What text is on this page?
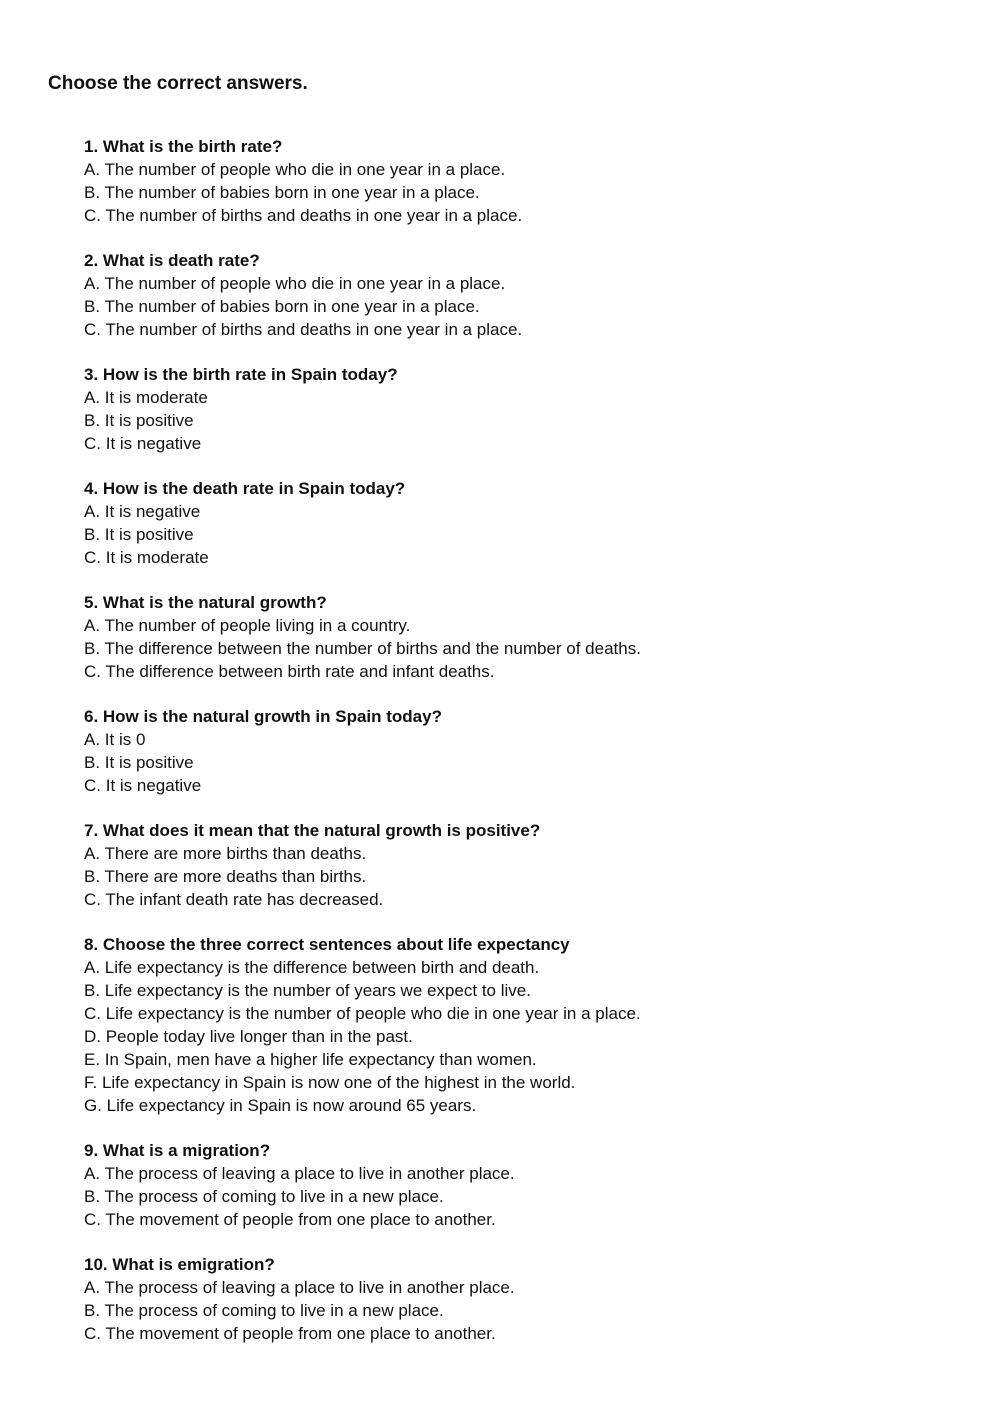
Choose the correct answers.

1. What is the birth rate?

A. The number of people who die in one year in a place.

B. The number of babies born in one year in a place.

C. The number of births and deaths in one year in a place.

2. What is death rate?

A. The number of people who die in one year in a place.

B. The number of babies born in one year in a place.

C. The number of births and deaths in one year in a place.

3. How is the birth rate in Spain today?

A. It is moderate

B. It is positive

C. It is negative

4. How is the death rate in Spain today?

A. It is negative

B. It is positive

C. It is moderate

5. What is the natural growth?

A. The number of people living in a country.

B. The difference between the number of births and the number of deaths.

C. The difference between birth rate and infant deaths.

6. How is the natural growth in Spain today?

A. It is 0

B. It is positive

C. It is negative

7. What does it mean that the natural growth is positive?

A. There are more births than deaths.

B. There are more deaths than births.

C. The infant death rate has decreased.

8. Choose the three correct sentences about life expectancy

A. Life expectancy is the difference between birth and death.

B. Life expectancy is the number of years we expect to live.

C. Life expectancy is the number of people who die in one year in a place.

D. People today live longer than in the past.

E. In Spain, men have a higher life expectancy than women.

F. Life expectancy in Spain is now one of the highest in the world.

G. Life expectancy in Spain is now around 65 years.

9. What is a migration?

A. The process of leaving a place to live in another place.

B. The process of coming to live in a new place.

C. The movement of people from one place to another.

10. What is emigration?

A. The process of leaving a place to live in another place.

B. The process of coming to live in a new place.

C. The movement of people from one place to another.
